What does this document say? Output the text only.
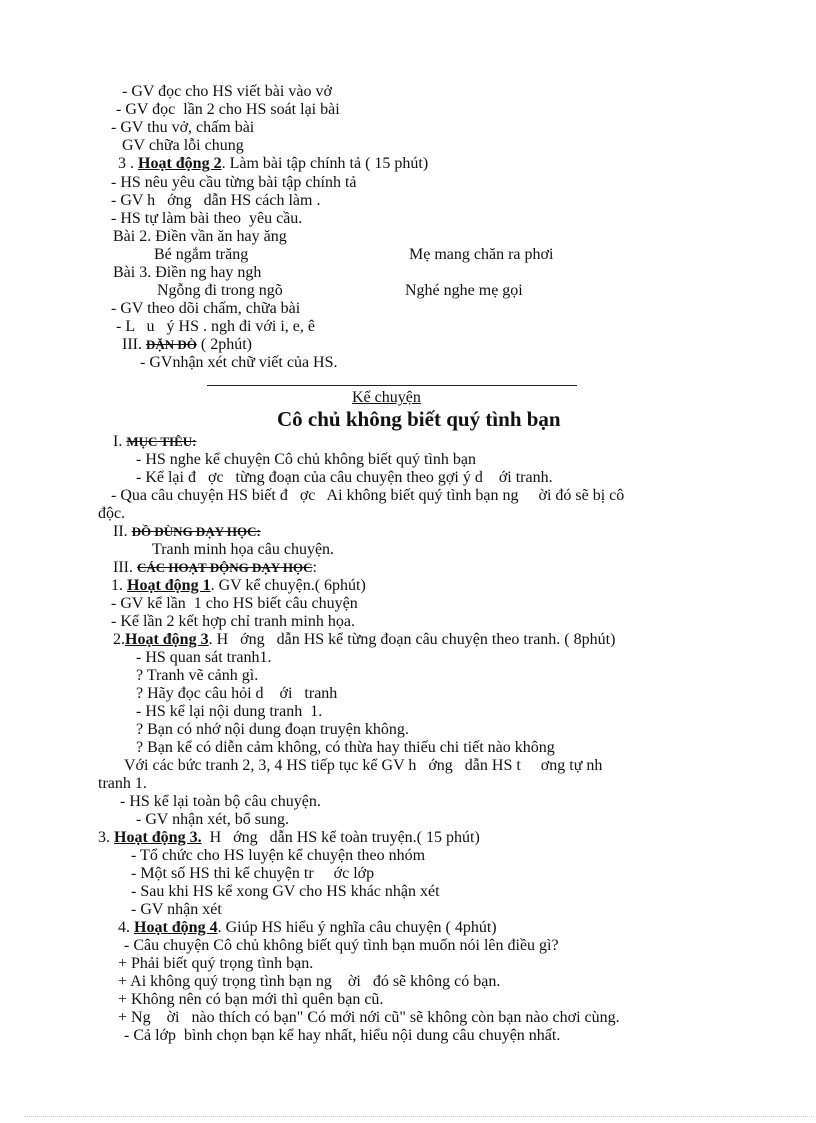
- GV đọc cho HS viết bài vào vở
- GV đọc  lần 2 cho HS soát lại bài
- GV thu vở, chấm bài
GV chữa lỗi chung
3 . Hoạt động 2. Làm bài tập chính tả ( 15 phút)
- HS nêu yêu cầu từng bài tập chính tả
- GV h   ớng   dẫn HS cách làm .
- HS tự làm bài theo  yêu cầu.
Bài 2. Điền vần ăn hay ăng
Bé ngắm trăng	Mẹ mang chăn ra phơi
Bài 3. Điền ng hay ngh
Ngỗng đi trong ngõ	Nghé nghe mẹ gọi
- GV theo dõi chấm, chữa bài
- L   u   ý HS . ngh đi với i, e, ê
III. DẶN DÒ ( 2phút)
- GVnhận xét chữ viết của HS.
Kể chuyện
Cô chủ không biết quý tình bạn
I. MỤC TIÊU:
- HS nghe kể chuyện Cô chủ không biết quý tình bạn
- Kể lại đ   ợc   từng đoạn của câu chuyện theo gợi ý d    ới tranh.
- Qua câu chuyện HS biết đ   ợc   Ai không biết quý tình bạn ng     ời đó sẽ bị cô
độc.
II. ĐỒ DÙNG DẠY HỌC:
Tranh minh họa câu chuyện.
III. CÁC HOẠT ĐỘNG DẠY HỌC:
1. Hoạt động 1. GV kể chuyện.( 6phút)
- GV kể lần  1 cho HS biết câu chuyện
- Kể lần 2 kết hợp chỉ tranh minh họa.
2.Hoạt động 3. H   ớng   dẫn HS kể từng đoạn câu chuyện theo tranh. ( 8phút)
- HS quan sát tranh1.
? Tranh vẽ cảnh gì.
? Hãy đọc câu hỏi d    ới   tranh
- HS kể lại nội dung tranh  1.
? Bạn có nhớ nội dung đoạn truyện không.
? Bạn kể có diễn cảm không, có thừa hay thiếu chi tiết nào không
Với các bức tranh 2, 3, 4 HS tiếp tục kể GV h   ớng   dẫn HS t     ơng tự nh
tranh 1.
- HS kể lại toàn bộ câu chuyện.
- GV nhận xét, bổ sung.
3. Hoạt động 3.  H   ớng   dẫn HS kể toàn truyện.( 15 phút)
- Tổ chức cho HS luyện kể chuyện theo nhóm
- Một số HS thi kể chuyện tr     ớc lớp
- Sau khi HS kể xong GV cho HS khác nhận xét
- GV nhận xét
4. Hoạt động 4. Giúp HS hiểu ý nghĩa câu chuyện ( 4phút)
- Câu chuyện Cô chủ không biết quý tình bạn muốn nói lên điều gì?
+ Phải biết quý trọng tình bạn.
+ Ai không quý trọng tình bạn ng    ời   đó sẽ không có bạn.
+ Không nên có bạn mới thì quên bạn cũ.
+ Ng    ời   nào thích có bạn" Có mới nới cũ" sẽ không còn bạn nào chơi cùng.
- Cả lớp  bình chọn bạn kể hay nhất, hiểu nội dung câu chuyện nhất.
